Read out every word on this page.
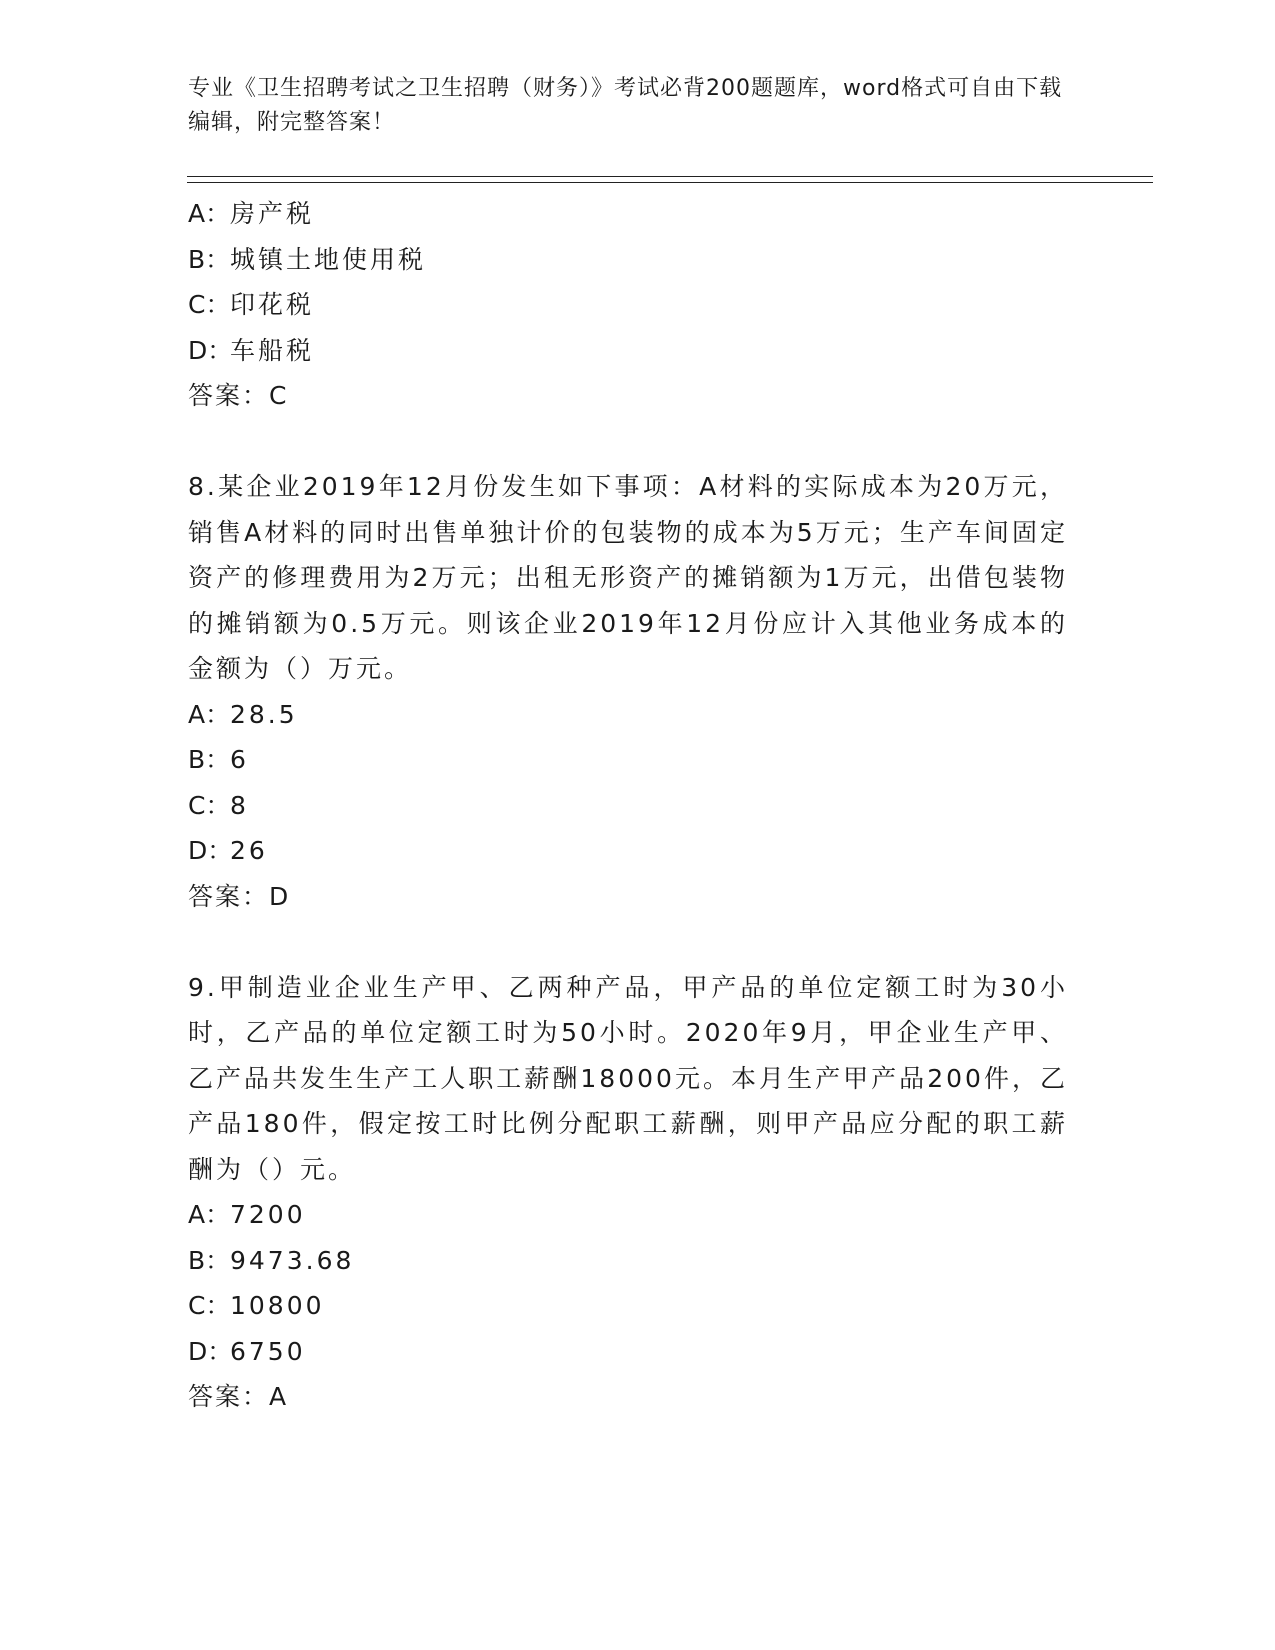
专业《卫生招聘考试之卫生招聘（财务）》考试必背200题题库，word格式可自由下载编辑，附完整答案！
A：房产税
B：城镇土地使用税
C：印花税
D：车船税
答案：C
8.某企业2019年12月份发生如下事项：A材料的实际成本为20万元，销售A材料的同时出售单独计价的包装物的成本为5万元；生产车间固定资产的修理费用为2万元；出租无形资产的摊销额为1万元，出借包装物的摊销额为0.5万元。则该企业2019年12月份应计入其他业务成本的金额为（）万元。
A：28.5
B：6
C：8
D：26
答案：D
9.甲制造业企业生产甲、乙两种产品，甲产品的单位定额工时为30小时，乙产品的单位定额工时为50小时。2020年9月，甲企业生产甲、乙产品共发生生产工人职工薪酬18000元。本月生产甲产品200件，乙产品180件，假定按工时比例分配职工薪酬，则甲产品应分配的职工薪酬为（）元。
A：7200
B：9473.68
C：10800
D：6750
答案：A
